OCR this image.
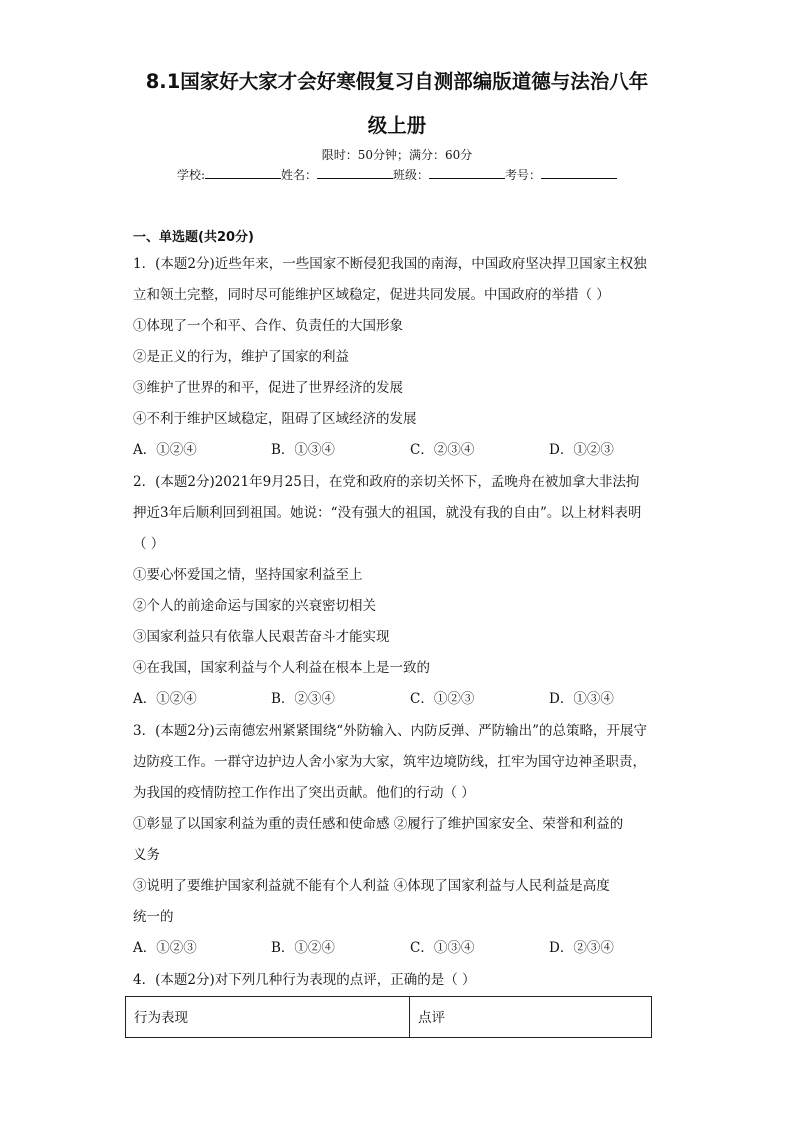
8.1国家好大家才会好寒假复习自测部编版道德与法治八年
级上册
限时：50分钟；满分：60分
学校:	姓名：	班级：	考号：
一、单选题(共20分)
1．(本题2分)近些年来，一些国家不断侵犯我国的南海，中国政府坚决捍卫国家主权独
立和领土完整，同时尽可能维护区域稳定，促进共同发展。中国政府的举措（ ）
①体现了一个和平、合作、负责任的大国形象
②是正义的行为，维护了国家的利益
③维护了世界的和平，促进了世界经济的发展
④不利于维护区域稳定，阻碍了区域经济的发展
A．①②④	B．①③④	C．②③④	D．①②③
2．(本题2分)2021年9月25日，在党和政府的亲切关怀下，孟晚舟在被加拿大非法拘
押近3年后顺利回到祖国。她说：“没有强大的祖国，就没有我的自由”。以上材料表明
（ ）
①要心怀爱国之情，坚持国家利益至上
②个人的前途命运与国家的兴衰密切相关
③国家利益只有依靠人民艰苦奋斗才能实现
④在我国，国家利益与个人利益在根本上是一致的
A．①②④	B．②③④	C．①②③	D．①③④
3．(本题2分)云南德宏州紧紧围绕“外防输入、内防反弹、严防输出”的总策略，开展守
边防疫工作。一群守边护边人舍小家为大家，筑牢边境防线，扛牢为国守边神圣职责，
为我国的疫情防控工作作出了突出贡献。他们的行动（ ）
①彰显了以国家利益为重的责任感和使命感 ②履行了维护国家安全、荣誉和利益的
义务
③说明了要维护国家利益就不能有个人利益 ④体现了国家利益与人民利益是高度
统一的
A．①②③	B．①②④	C．①③④	D．②③④
4．(本题2分)对下列几种行为表现的点评，正确的是（ ）
行为表现	点评
